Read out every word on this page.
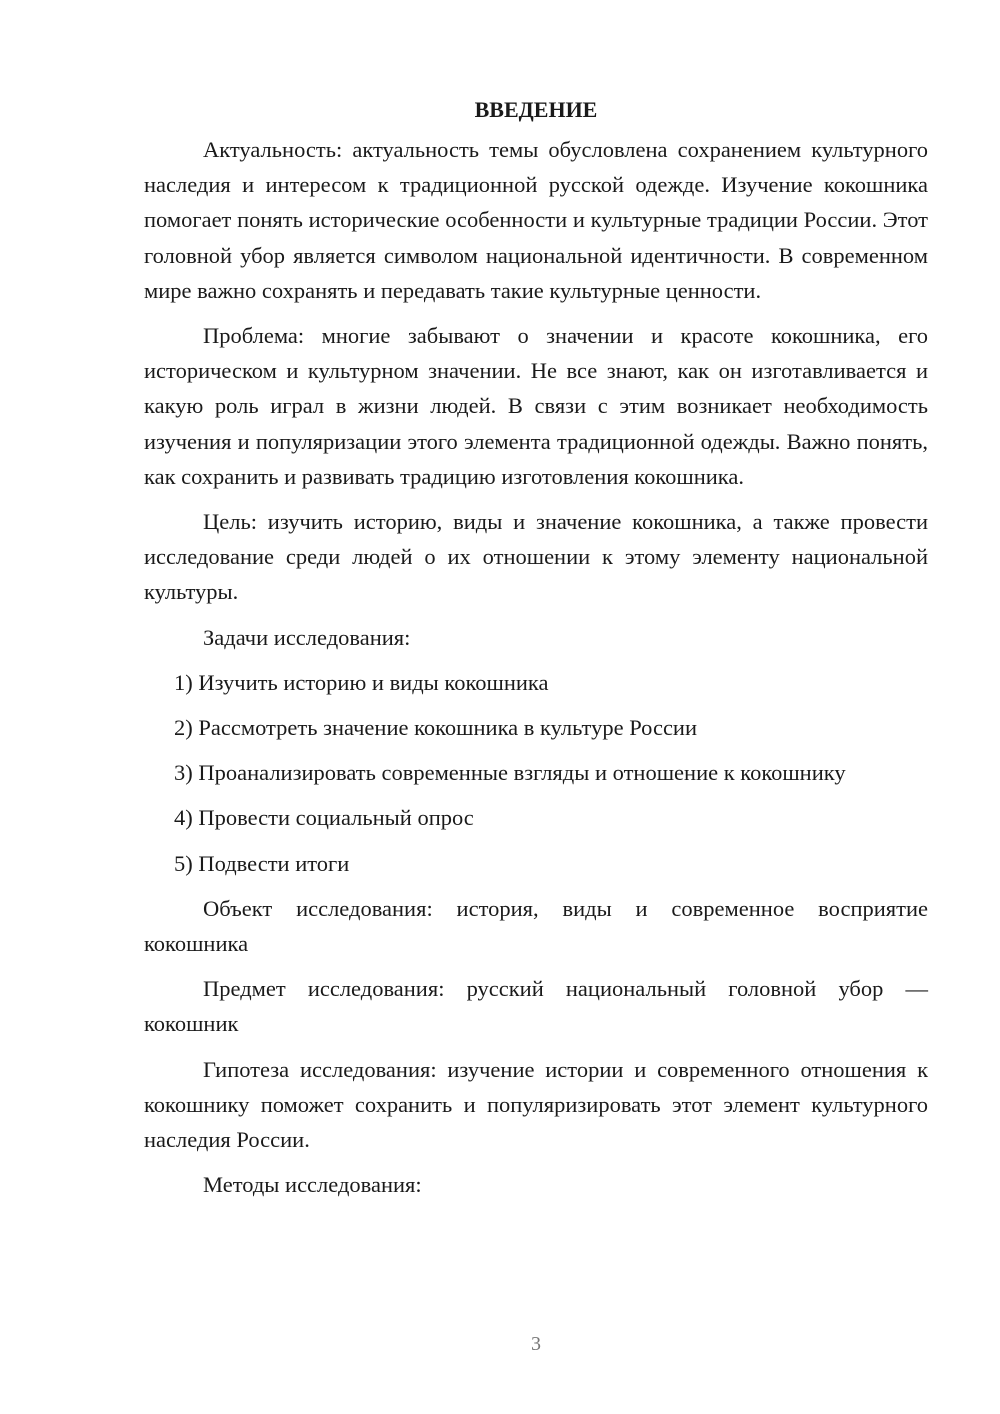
ВВЕДЕНИЕ

Актуальность: актуальность темы обусловлена сохранением культурного наследия и интересом к традиционной русской одежде. Изучение кокошника помогает понять исторические особенности и культурные традиции России. Этот головной убор является символом национальной идентичности. В современном мире важно сохранять и передавать такие культурные ценности.

Проблема: многие забывают о значении и красоте кокошника, его историческом и культурном значении. Не все знают, как он изготавливается и какую роль играл в жизни людей. В связи с этим возникает необходимость изучения и популяризации этого элемента традиционной одежды. Важно понять, как сохранить и развивать традицию изготовления кокошника.

Цель: изучить историю, виды и значение кокошника, а также провести исследование среди людей о их отношении к этому элементу национальной культуры.

Задачи исследования:

1) Изучить историю и виды кокошника
2) Рассмотреть значение кокошника в культуре России
3) Проанализировать современные взгляды и отношение к кокошнику
4) Провести социальный опрос
5) Подвести итоги

Объект исследования: история, виды и современное восприятие кокошника

Предмет исследования: русский национальный головной убор — кокошник

Гипотеза исследования: изучение истории и современного отношения к кокошнику поможет сохранить и популяризировать этот элемент культурного наследия России.

Методы исследования:

3
